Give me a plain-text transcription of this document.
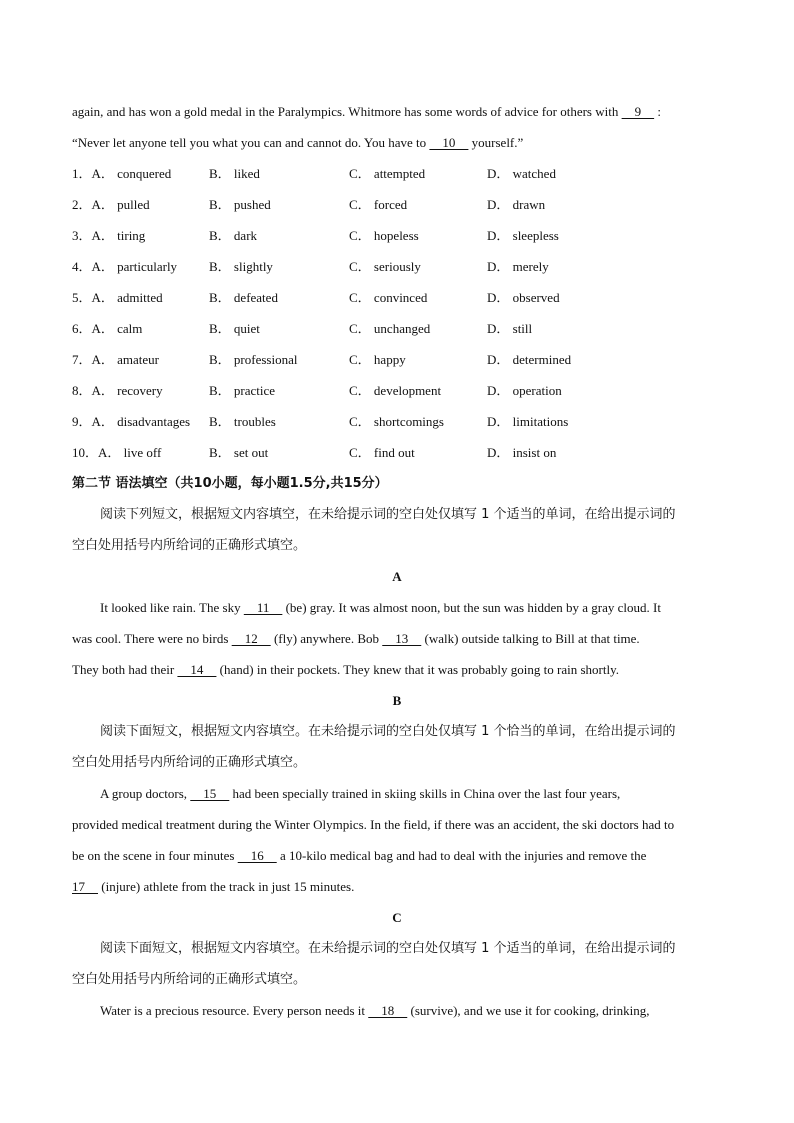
again, and has won a gold medal in the Paralympics. Whitmore has some words of advice for others with     9     :
“Never let anyone tell you what you can and cannot do. You have to     10     yourself.”
1．A． conquered	B． liked	C． attempted	D． watched
2．A． pulled	B． pushed	C． forced	D． drawn
3．A． tiring	B． dark	C． hopeless	D． sleepless
4．A． particularly	B． slightly	C． seriously	D． merely
5．A． admitted	B． defeated	C． convinced	D． observed
6．A． calm	B． quiet	C． unchanged	D． still
7．A． amateur	B． professional	C． happy	D． determined
8．A． recovery	B． practice	C． development	D． operation
9．A． disadvantages	B． troubles	C． shortcomings	D． limitations
10．A． live off	B． set out	C． find out	D． insist on
第二节 语法填空（共10小题，每小题1.5分,共15分）
阅读下列短文，根据短文内容填空，在未给提示词的空白处仅填写 1 个适当的单词，在给出提示词的
空白处用括号内所给词的正确形式填空。
A
It looked like rain. The sky     11     (be) gray. It was almost noon, but the sun was hidden by a gray cloud. It
was cool. There were no birds     12     (fly) anywhere. Bob     13     (walk) outside talking to Bill at that time.
They both had their     14     (hand) in their pockets. They knew that it was probably going to rain shortly.
B
阅读下面短文，根据短文内容填空。在未给提示词的空白处仅填写 1 个恰当的单词，在给出提示词的
空白处用括号内所给词的正确形式填空。
A group doctors,     15     had been specially trained in skiing skills in China over the last four years,
provided medical treatment during the Winter Olympics. In the field, if there was an accident, the ski doctors had to
be on the scene in four minutes     16     a 10-kilo medical bag and had to deal with the injuries and remove the
17     (injure) athlete from the track in just 15 minutes.
C
阅读下面短文，根据短文内容填空。在未给提示词的空白处仅填写 1 个适当的单词，在给出提示词的
空白处用括号内所给词的正确形式填空。
Water is a precious resource. Every person needs it     18     (survive), and we use it for cooking, drinking,
